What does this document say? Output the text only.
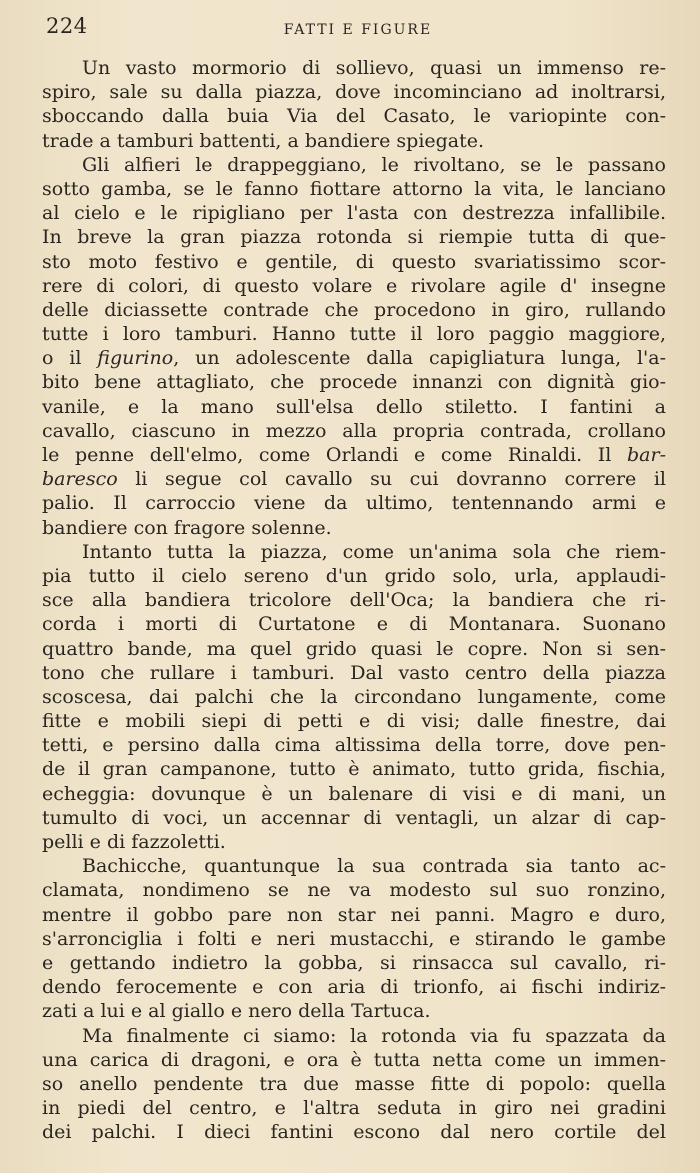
224	FATTI E FIGURE
Un vasto mormorio di sollievo, quasi un immenso re-
spiro, sale su dalla piazza, dove incominciano ad inoltrarsi,
sboccando dalla buia Via del Casato, le variopinte con-
trade a tamburi battenti, a bandiere spiegate.
Gli alfieri le drappeggiano, le rivoltano, se le passano
sotto gamba, se le fanno fiottare attorno la vita, le lanciano
al cielo e le ripigliano per l'asta con destrezza infallibile.
In breve la gran piazza rotonda si riempie tutta di que-
sto moto festivo e gentile, di questo svariatissimo scor-
rere di colori, di questo volare e rivolare agile d' insegne
delle diciassette contrade che procedono in giro, rullando
tutte i loro tamburi. Hanno tutte il loro paggio maggiore,
o il figurino, un adolescente dalla capigliatura lunga, l'a-
bito bene attagliato, che procede innanzi con dignità gio-
vanile, e la mano sull'elsa dello stiletto. I fantini a
cavallo, ciascuno in mezzo alla propria contrada, crollano
le penne dell'elmo, come Orlandi e come Rinaldi. Il bar-
baresco li segue col cavallo su cui dovranno correre il
palio. Il carroccio viene da ultimo, tentennando armi e
bandiere con fragore solenne.
Intanto tutta la piazza, come un'anima sola che riem-
pia tutto il cielo sereno d'un grido solo, urla, applaudi-
sce alla bandiera tricolore dell'Oca; la bandiera che ri-
corda i morti di Curtatone e di Montanara. Suonano
quattro bande, ma quel grido quasi le copre. Non si sen-
tono che rullare i tamburi. Dal vasto centro della piazza
scoscesa, dai palchi che la circondano lungamente, come
fitte e mobili siepi di petti e di visi; dalle finestre, dai
tetti, e persino dalla cima altissima della torre, dove pen-
de il gran campanone, tutto è animato, tutto grida, fischia,
echeggia: dovunque è un balenare di visi e di mani, un
tumulto di voci, un accennar di ventagli, un alzar di cap-
pelli e di fazzoletti.
Bachicche, quantunque la sua contrada sia tanto ac-
clamata, nondimeno se ne va modesto sul suo ronzino,
mentre il gobbo pare non star nei panni. Magro e duro,
s'arronciglia i folti e neri mustacchi, e stirando le gambe
e gettando indietro la gobba, si rinsacca sul cavallo, ri-
dendo ferocemente e con aria di trionfo, ai fischi indiriz-
zati a lui e al giallo e nero della Tartuca.
Ma finalmente ci siamo: la rotonda via fu spazzata da
una carica di dragoni, e ora è tutta netta come un immen-
so anello pendente tra due masse fitte di popolo: quella
in piedi del centro, e l'altra seduta in giro nei gradini
dei palchi. I dieci fantini escono dal nero cortile del
